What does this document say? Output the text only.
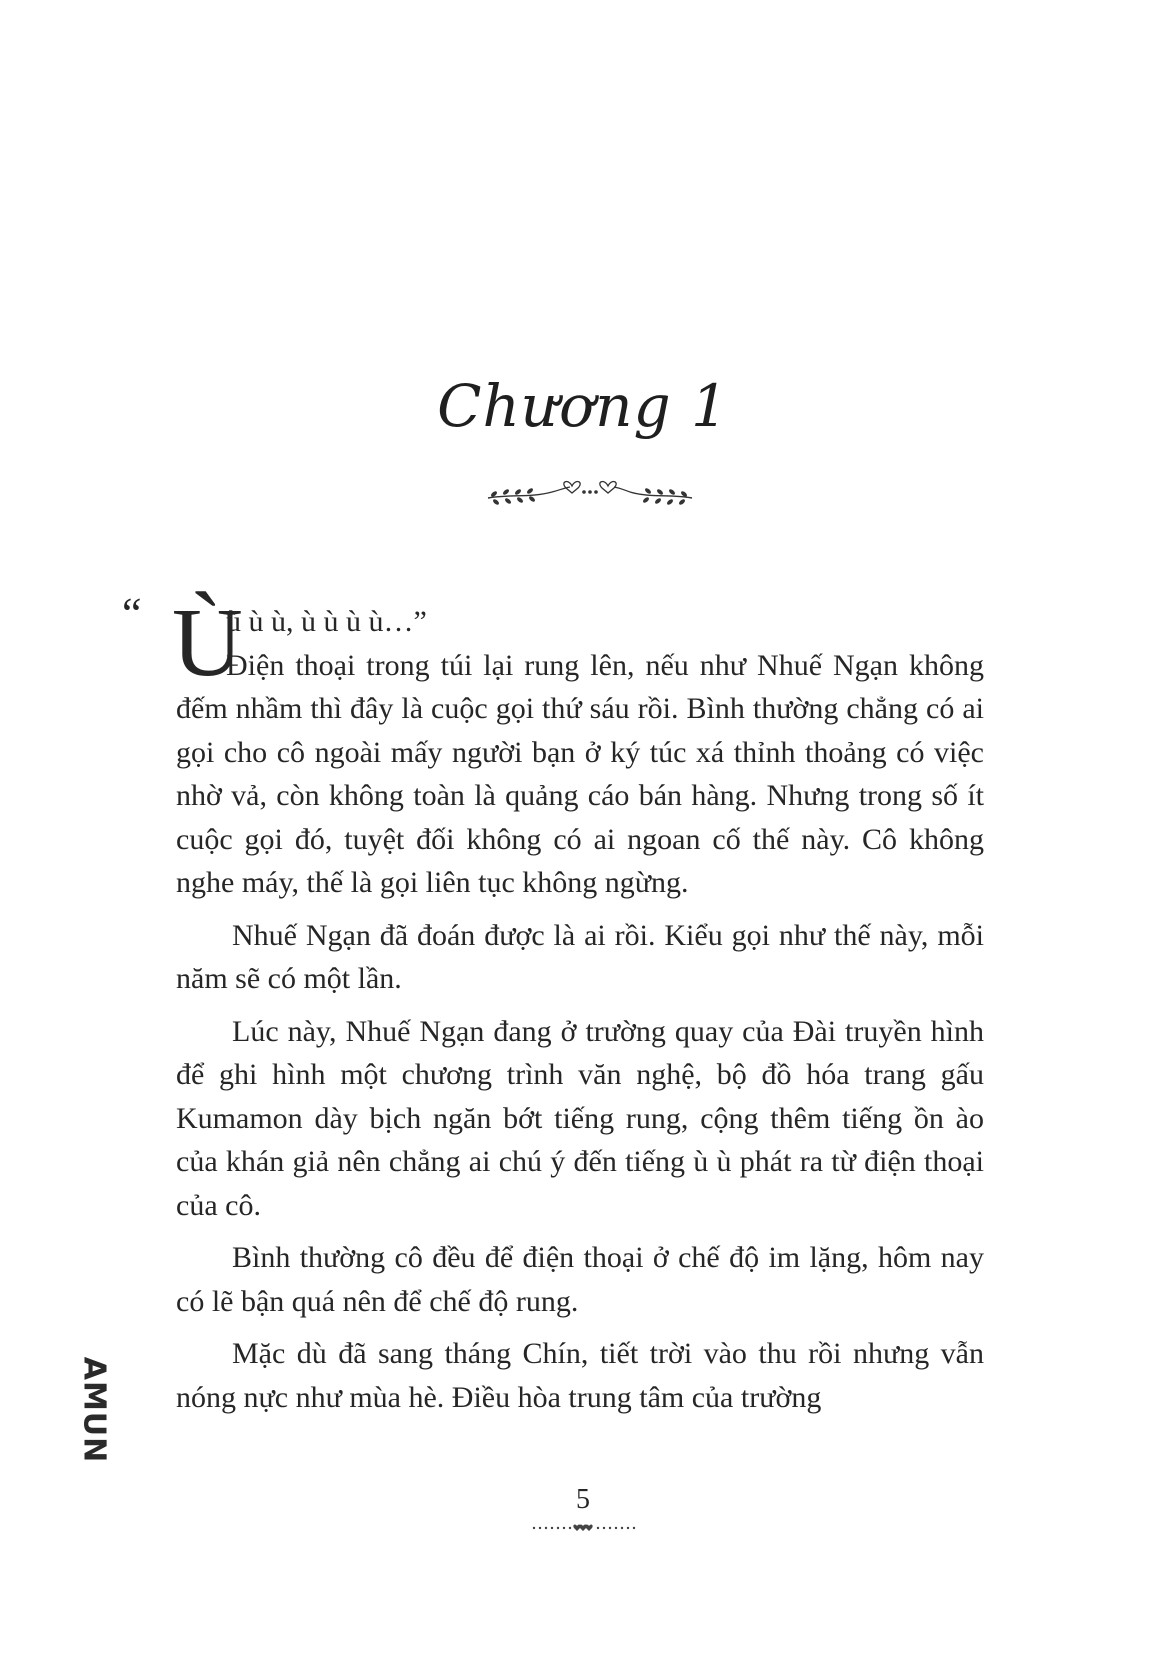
Chương 1

“ Ù
ù ù ù, ù ù ù ù…”
Điện thoại trong túi lại rung lên, nếu như Nhuế Ngạn không đếm nhầm thì đây là cuộc gọi thứ sáu rồi. Bình thường chẳng có ai gọi cho cô ngoài mấy người bạn ở ký túc xá thỉnh thoảng có việc nhờ vả, còn không toàn là quảng cáo bán hàng. Nhưng trong số ít cuộc gọi đó, tuyệt đối không có ai ngoan cố thế này. Cô không nghe máy, thế là gọi liên tục không ngừng.

Nhuế Ngạn đã đoán được là ai rồi. Kiểu gọi như thế này, mỗi năm sẽ có một lần.

Lúc này, Nhuế Ngạn đang ở trường quay của Đài truyền hình để ghi hình một chương trình văn nghệ, bộ đồ hóa trang gấu Kumamon dày bịch ngăn bớt tiếng rung, cộng thêm tiếng ồn ào của khán giả nên chẳng ai chú ý đến tiếng ù ù phát ra từ điện thoại của cô.

Bình thường cô đều để điện thoại ở chế độ im lặng, hôm nay có lẽ bận quá nên để chế độ rung.

Mặc dù đã sang tháng Chín, tiết trời vào thu rồi nhưng vẫn nóng nực như mùa hè. Điều hòa trung tâm của trường

AMUN
5
